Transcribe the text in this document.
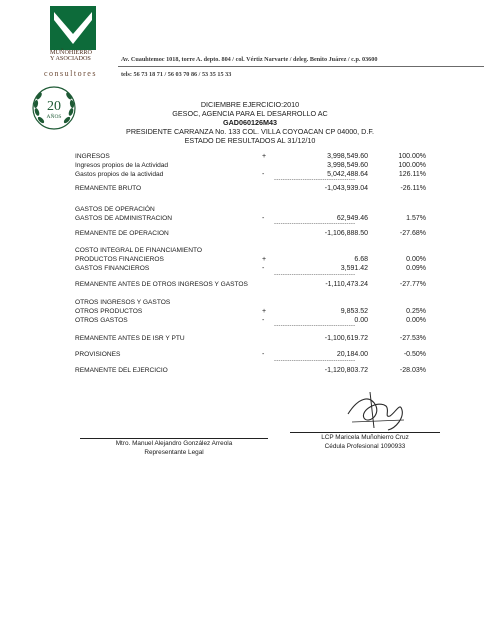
MUÑOHIERRO
Y ASOCIADOS
consultores
Av. Cuauhtemoc 1018, torre A. depto. 804 / col. Vértiz Narvarte / deleg. Benito Juárez / c.p. 03600
tels: 56 73 18 71 / 56 03 70 86 / 53 35 15 33
20
AÑOS
DICIEMBRE EJERCICIO:2010
GESOC, AGENCIA PARA EL DESARROLLO AC
GAD060126M43
PRESIDENTE CARRANZA No. 133 COL. VILLA COYOACAN CP 04000, D.F.
ESTADO DE RESULTADOS AL 31/12/10
INGRESOS	+	3,998,549.60	100.00%
Ingresos propios de la Actividad	3,998,549.60	100.00%
Gastos propios de la actividad	-	5,042,488.64	126.11%
-------------------------------------
REMANENTE BRUTO	-1,043,939.04	-26.11%
GASTOS DE OPERACIÓN
GASTOS DE ADMINISTRACION	-	62,949.46	1.57%
-------------------------------------
REMANENTE DE OPERACION	-1,106,888.50	-27.68%
COSTO INTEGRAL DE FINANCIAMIENTO
PRODUCTOS FINANCIEROS	+	6.68	0.00%
GASTOS FINANCIEROS	-	3,591.42	0.09%
-------------------------------------
REMANENTE ANTES DE OTROS INGRESOS Y GASTOS	-1,110,473.24	-27.77%
OTROS INGRESOS Y GASTOS
OTROS PRODUCTOS	+	9,853.52	0.25%
OTROS GASTOS	-	0.00	0.00%
-------------------------------------
REMANENTE ANTES DE ISR Y PTU	-1,100,619.72	-27.53%
PROVISIONES	-	20,184.00	-0.50%
-------------------------------------
REMANENTE DEL EJERCICIO	-1,120,803.72	-28.03%
Mtro. Manuel Alejandro González Arreola
Representante Legal
LCP Maricela Muñohierro Cruz
Cédula Profesional 1090933
